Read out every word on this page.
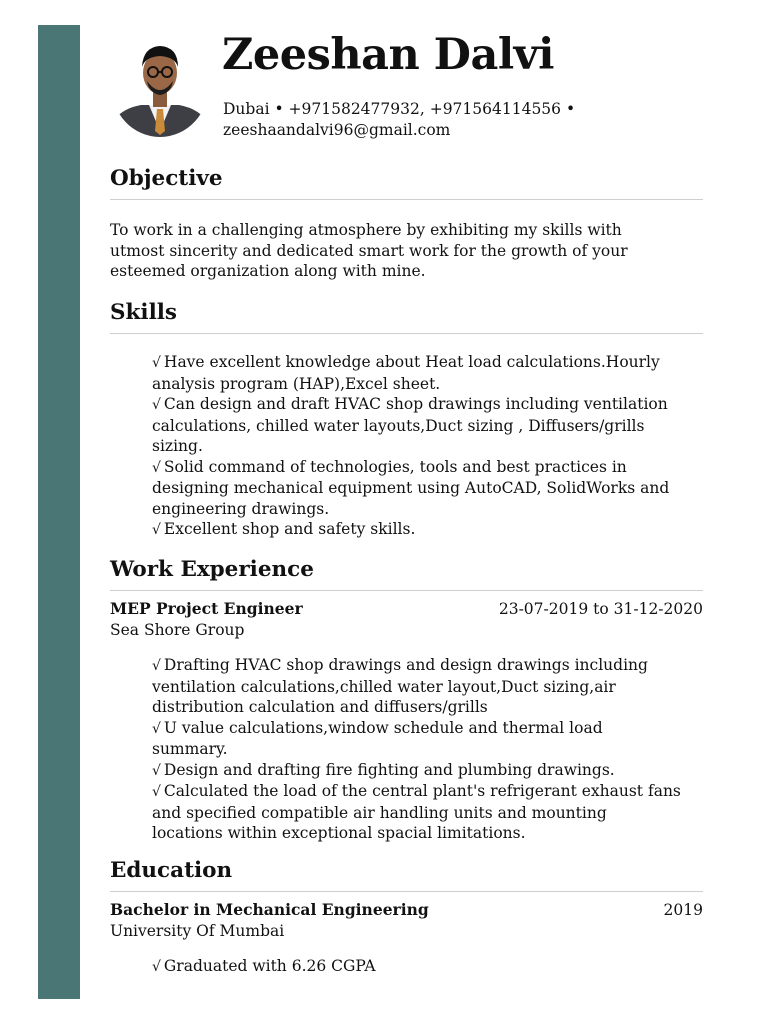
Zeeshan Dalvi
Dubai • +971582477932, +971564114556 •
zeeshaandalvi96@gmail.com
Objective

To work in a challenging atmosphere by exhibiting my skills with
utmost sincerity and dedicated smart work for the growth of your
esteemed organization along with mine.

Skills
√ Have excellent knowledge about Heat load calculations.Hourly
analysis program (HAP),Excel sheet.
√ Can design and draft HVAC shop drawings including ventilation
calculations, chilled water layouts,Duct sizing , Diffusers/grills
sizing.
√ Solid command of technologies, tools and best practices in
designing mechanical equipment using AutoCAD, SolidWorks and
engineering drawings.
√ Excellent shop and safety skills.
Work Experience
MEP Project Engineer	23-07-2019 to 31-12-2020
Sea Shore Group
√ Drafting HVAC shop drawings and design drawings including
ventilation calculations,chilled water layout,Duct sizing,air
distribution calculation and diffusers/grills
√ U value calculations,window schedule and thermal load
summary.
√ Design and drafting fire fighting and plumbing drawings.
√ Calculated the load of the central plant's refrigerant exhaust fans
and specified compatible air handling units and mounting
locations within exceptional spacial limitations.
Education
Bachelor in Mechanical Engineering	2019
University Of Mumbai
√ Graduated with 6.26 CGPA
